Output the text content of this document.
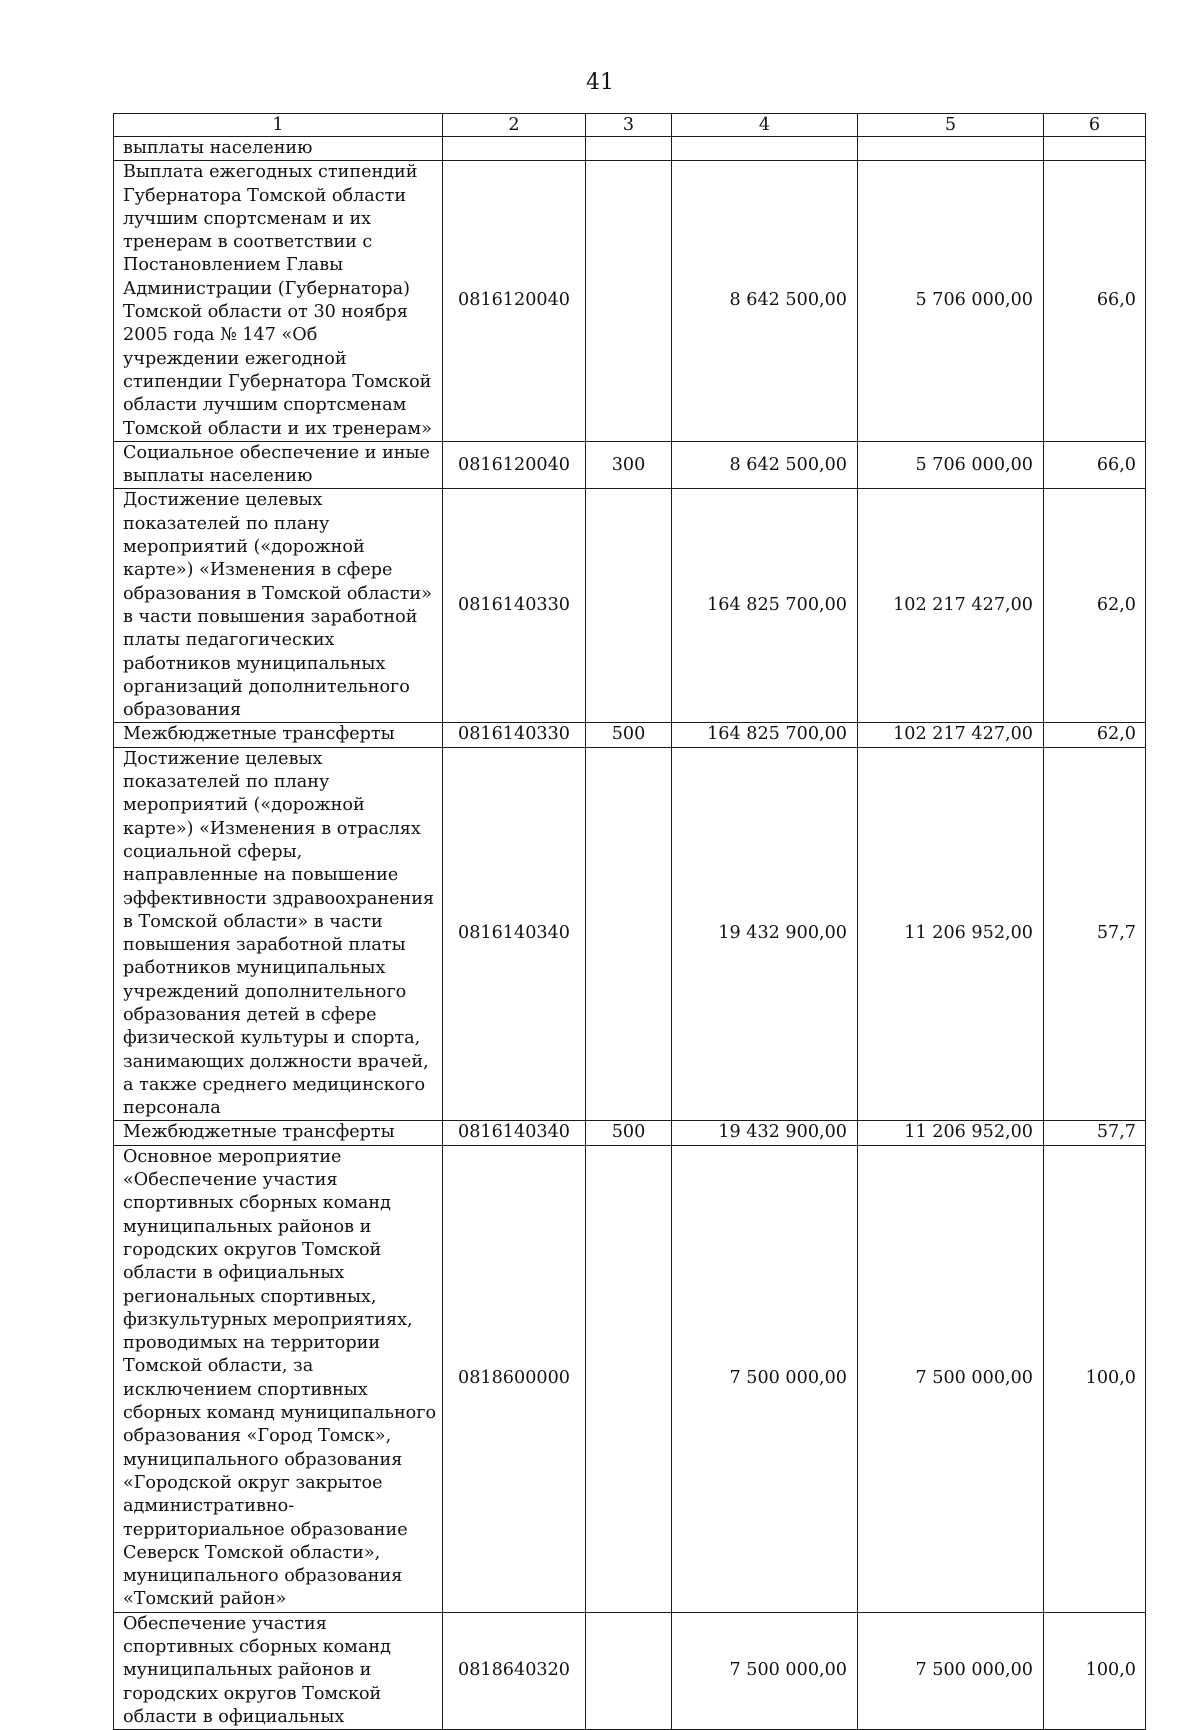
41
1	2	3	4	5	6
выплаты населению					
Выплата ежегодных стипендий Губернатора Томской области лучшим спортсменам и их тренерам в соответствии с Постановлением Главы Администрации (Губернатора) Томской области от 30 ноября 2005 года № 147 «Об учреждении ежегодной стипендии Губернатора Томской области лучшим спортсменам Томской области и их тренерам»	0816120040		8 642 500,00	5 706 000,00	66,0
Социальное обеспечение и иные выплаты населению	0816120040	300	8 642 500,00	5 706 000,00	66,0
Достижение целевых показателей по плану мероприятий («дорожной карте») «Изменения в сфере образования в Томской области» в части повышения заработной платы педагогических работников муниципальных организаций дополнительного образования	0816140330		164 825 700,00	102 217 427,00	62,0
Межбюджетные трансферты	0816140330	500	164 825 700,00	102 217 427,00	62,0
Достижение целевых показателей по плану мероприятий («дорожной карте») «Изменения в отраслях социальной сферы, направленные на повышение эффективности здравоохранения в Томской области» в части повышения заработной платы работников муниципальных учреждений дополнительного образования детей в сфере физической культуры и спорта, занимающих должности врачей, а также среднего медицинского персонала	0816140340		19 432 900,00	11 206 952,00	57,7
Межбюджетные трансферты	0816140340	500	19 432 900,00	11 206 952,00	57,7
Основное мероприятие «Обеспечение участия спортивных сборных команд муниципальных районов и городских округов Томской области в официальных региональных спортивных, физкультурных мероприятиях, проводимых на территории Томской области, за исключением спортивных сборных команд муниципального образования «Город Томск», муниципального образования «Городской округ закрытое административно-территориальное образование Северск Томской области», муниципального образования «Томский район»	0818600000		7 500 000,00	7 500 000,00	100,0
Обеспечение участия спортивных сборных команд муниципальных районов и городских округов Томской области в официальных	0818640320		7 500 000,00	7 500 000,00	100,0
